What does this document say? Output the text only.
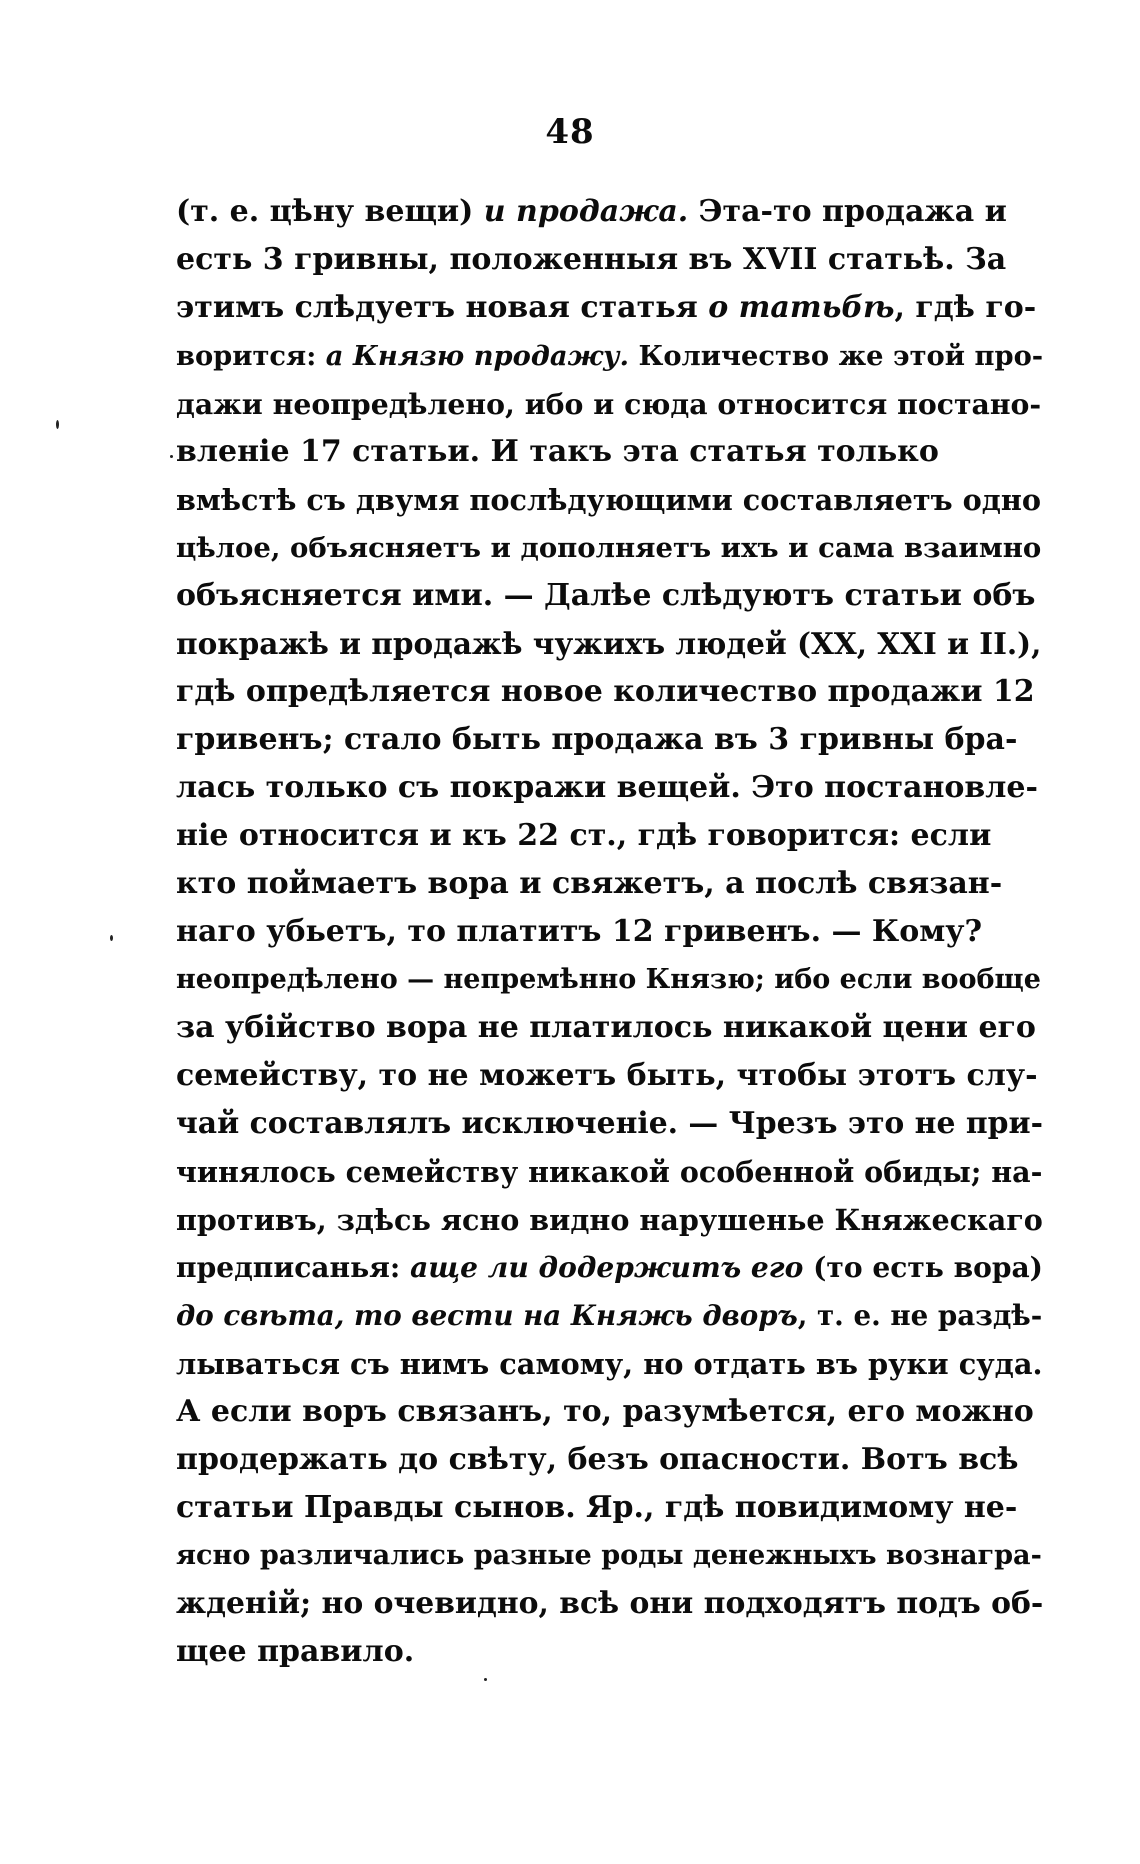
48
(т. е. цѣну вещи) и продажа. Эта-то продажа и
есть 3 гривны, положенныя въ XVII статьѣ. За
этимъ слѣдуетъ новая статья о татьбѣ, гдѣ го-
ворится: а Князю продажу. Количество же этой про-
дажи неопредѣлено, ибо и сюда относится постано-
вленіе 17 статьи. И такъ эта статья только
вмѣстѣ съ двумя послѣдующими составляетъ одно
цѣлое, объясняетъ и дополняетъ ихъ и сама взаимно
объясняется ими. — Далѣе слѣдуютъ статьи объ
покражѣ и продажѣ чужихъ людей (XX, XXI и II.),
гдѣ опредѣляется новое количество продажи 12
гривенъ; стало быть продажа въ 3 гривны бра-
лась только съ покражи вещей. Это постановле-
ніе относится и къ 22 ст., гдѣ говорится: если
кто поймаетъ вора и свяжетъ, а послѣ связан-
наго убьетъ, то платитъ 12 гривенъ. — Кому?
неопредѣлено — непремѣнно Князю; ибо если вообще
за убійство вора не платилось никакой цени его
семейству, то не можетъ быть, чтобы этотъ слу-
чай составлялъ исключеніе. — Чрезъ это не при-
чинялось семейству никакой особенной обиды; на-
противъ, здѣсь ясно видно нарушенье Княжескаго
предписанья: аще ли додержитъ его (то есть вора)
до свѣта, то вести на Княжь дворъ, т. е. не раздѣ-
лываться съ нимъ самому, но отдать въ руки суда.
А если воръ связанъ, то, разумѣется, его можно
продержать до свѣту, безъ опасности. Вотъ всѣ
статьи Правды сынов. Яр., гдѣ повидимому не-
ясно различались разные роды денежныхъ вознагра-
жденій; но очевидно, всѣ они подходятъ подъ об-
щее правило.
